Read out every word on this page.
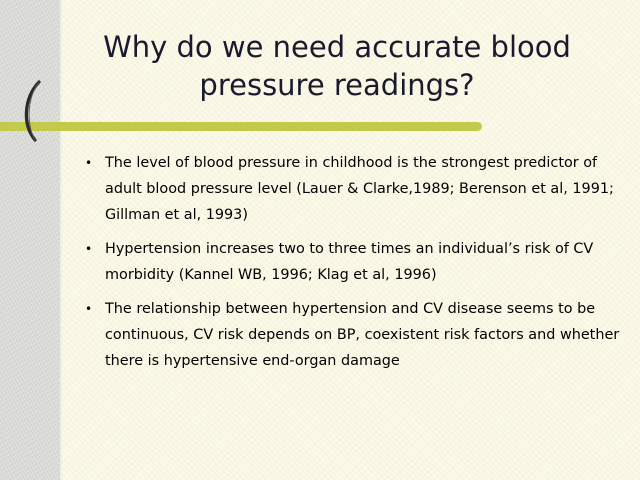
Why do we need accurate blood pressure readings?
• The level of blood pressure in childhood is the strongest predictor of adult blood pressure level (Lauer & Clarke,1989; Berenson et al, 1991; Gillman et al, 1993)
• Hypertension increases two to three times an individual’s risk of CV morbidity (Kannel WB, 1996; Klag et al, 1996)
• The relationship between hypertension and CV disease seems to be continuous, CV risk depends on BP, coexistent risk factors and whether there is hypertensive end-organ damage
